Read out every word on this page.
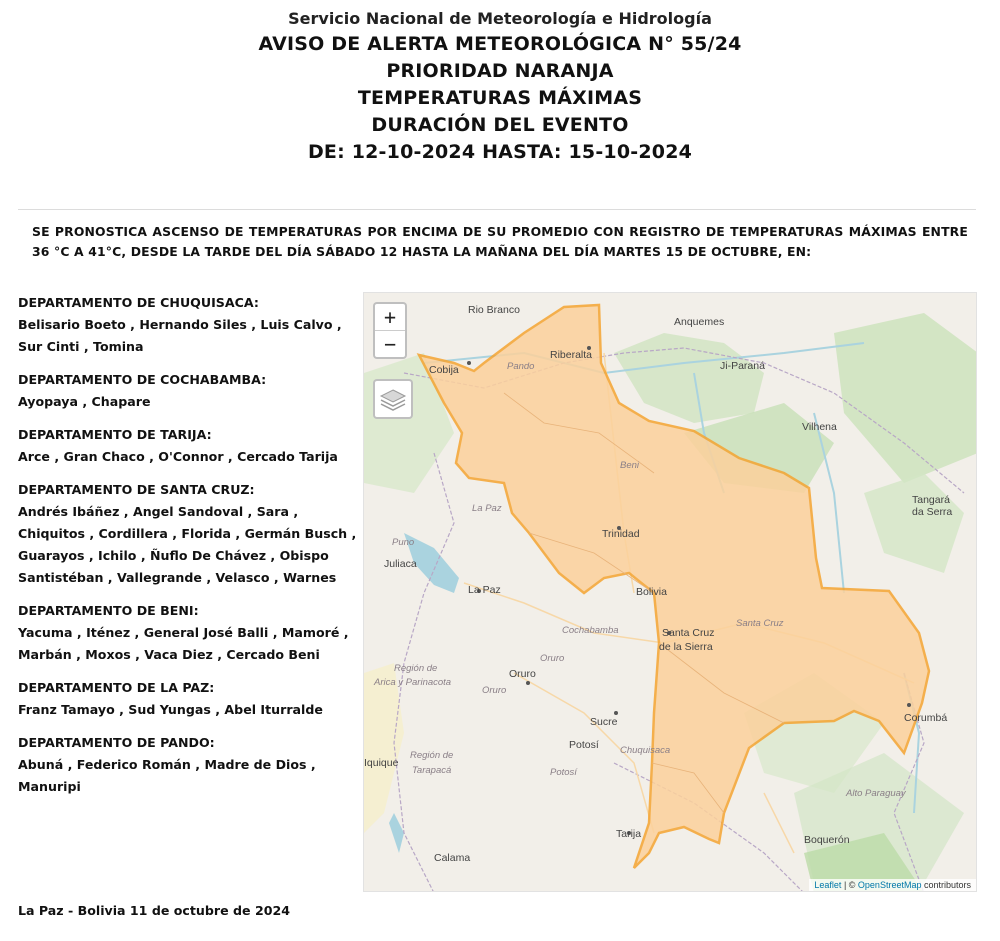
Servicio Nacional de Meteorología e Hidrología
AVISO DE ALERTA METEOROLÓGICA N° 55/24
PRIORIDAD NARANJA
TEMPERATURAS MÁXIMAS
DURACIÓN DEL EVENTO
DE: 12-10-2024 HASTA: 15-10-2024
SE PRONOSTICA ASCENSO DE TEMPERATURAS POR ENCIMA DE SU PROMEDIO CON REGISTRO DE TEMPERATURAS MÁXIMAS ENTRE 36 °C A 41°C, DESDE LA TARDE DEL DÍA SÁBADO 12 HASTA LA MAÑANA DEL DÍA MARTES 15 DE OCTUBRE, EN:
DEPARTAMENTO DE CHUQUISACA:
Belisario Boeto , Hernando Siles , Luis Calvo , Sur Cinti , Tomina
DEPARTAMENTO DE COCHABAMBA:
Ayopaya , Chapare
DEPARTAMENTO DE TARIJA:
Arce , Gran Chaco , O'Connor , Cercado Tarija
DEPARTAMENTO DE SANTA CRUZ:
Andrés Ibáñez , Angel Sandoval , Sara , Chiquitos , Cordillera , Florida , Germán Busch , Guarayos , Ichilo , Ñuflo De Chávez , Obispo Santistéban , Vallegrande , Velasco , Warnes
DEPARTAMENTO DE BENI:
Yacuma , Iténez , General José Balli , Mamoré , Marbán , Moxos , Vaca Diez , Cercado Beni
DEPARTAMENTO DE LA PAZ:
Franz Tamayo , Sud Yungas , Abel Iturralde
DEPARTAMENTO DE PANDO:
Abuná , Federico Román , Madre de Dios , Manuripi
La Paz - Bolivia 11 de octubre de 2024
Rio Branco
Anquemes
Riberalta
Pando
Cobija	Ji-Paraná
Vilhena
Beni
Tangará
da Serra
Trinidad
La Paz
Puno
Juliaca
La Paz	Bolivia
Cochabamba
Santa Cruz
Santa Cruz
de la Sierra
Oruro
Oruro
Región de
Arica y Parinacota
Oruro
Sucre
Potosí Chuquisaca
Potosí
Corumbá
Iquique
Región de
Tarapacá
Alto Paraguay
Tarija	Boquerón
Calama
+
−
Leaflet | © OpenStreetMap contributors
